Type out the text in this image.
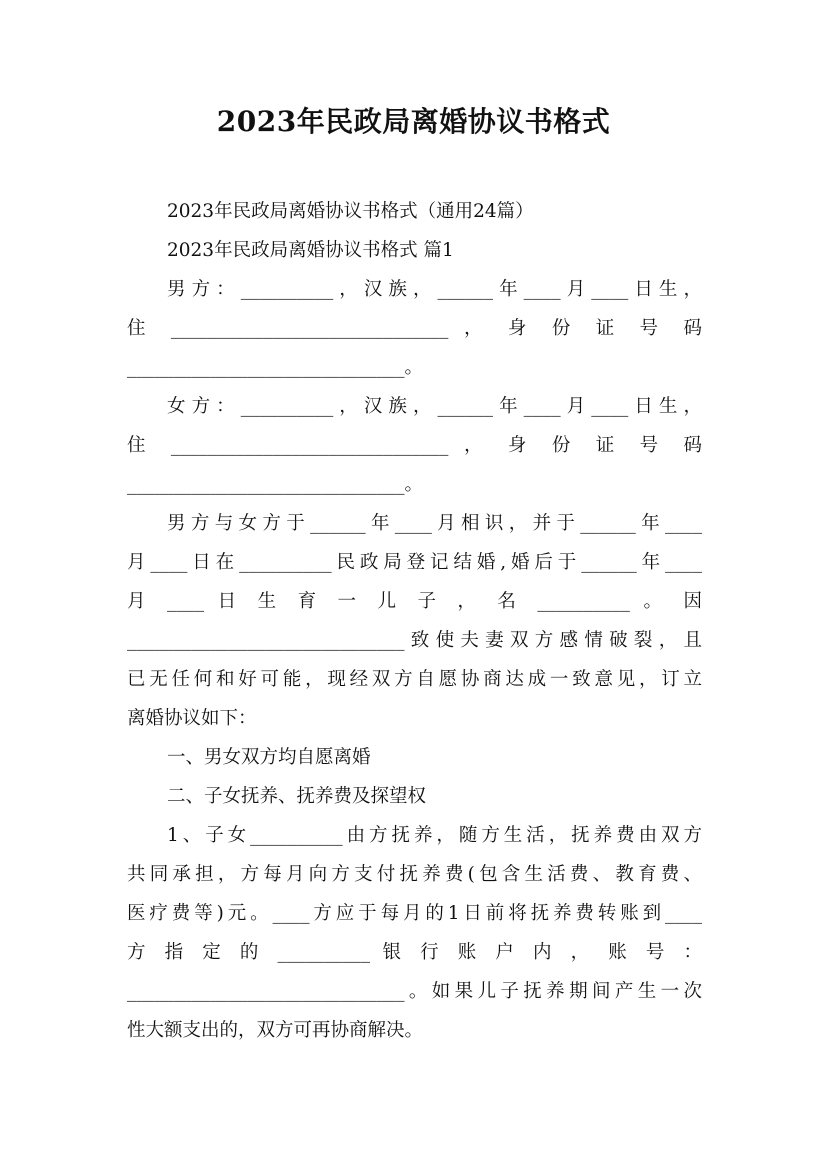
2023年民政局离婚协议书格式
2023年民政局离婚协议书格式（通用24篇）
2023年民政局离婚协议书格式 篇1
男方：__________，汉族，______年____月____日生，
住 ______________________________ ， 身 份 证 号 码
______________________________。
女方：__________，汉族，______年____月____日生，
住 ______________________________ ， 身 份 证 号 码
______________________________。
男方与女方于______年____月相识，并于______年____
月____日在__________民政局登记结婚,婚后于______年____
月 ____ 日 生 育 一 儿 子 ， 名 __________ 。 因
______________________________致使夫妻双方感情破裂，且
已无任何和好可能，现经双方自愿协商达成一致意见，订立
离婚协议如下：
一、男女双方均自愿离婚
二、子女抚养、抚养费及探望权
1、子女__________由方抚养，随方生活，抚养费由双方
共同承担，方每月向方支付抚养费(包含生活费、教育费、
医疗费等)元。____方应于每月的1日前将抚养费转账到____
方 指 定 的 __________ 银 行 账 户 内 ， 账 号 ：
______________________________。如果儿子抚养期间产生一次
性大额支出的，双方可再协商解决。
